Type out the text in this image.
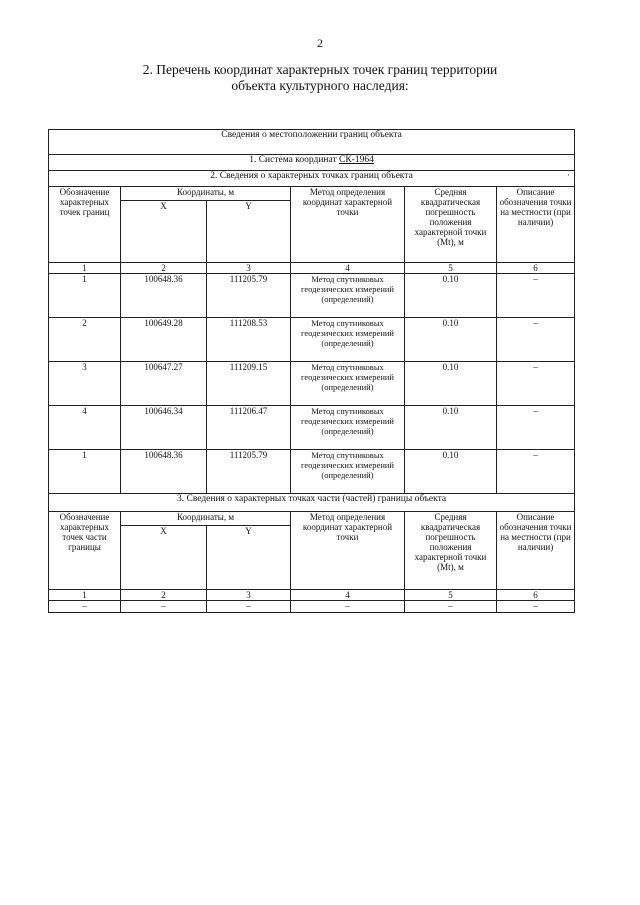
2
2. Перечень координат характерных точек границ территории
объекта культурного наследия:
Сведения о местоположении границ объекта					
1. Система координат СК-1964					
2. Сведения о характерных точках границ объекта ·					

Обозначение характерных точек границ	Координаты, м		Метод определения координат характерной точки	Средняя квадратическая погрешность положения характерной точки (Mt), м	Описание обозначения точки на местности (при наличии)
	X	Y			
1	2	3	4	5	6
1	100648.36	111205.79	Метод спутниковых геодезических измерений (определений)	0.10	–
2	100649.28	111208.53	Метод спутниковых геодезических измерений (определений)	0.10	–
3	100647.27	111209.15	Метод спутниковых геодезических измерений (определений)	0.10	–
4	100646.34	111206.47	Метод спутниковых геодезических измерений (определений)	0.10	–
1	100648.36	111205.79	Метод спутниковых геодезических измерений (определений)	0.10	–
3. Сведения о характерных точках части (частей) границы объекта					
Обозначение характерных точек части границы	Координаты, м		Метод определения координат характерной точки	Средняя квадратическая погрешность положения характерной точки (Mt), м	Описание обозначения точки на местности (при наличии)
	X	Y			
1	2	3	4	5	6
–	–	–	–	–	–
